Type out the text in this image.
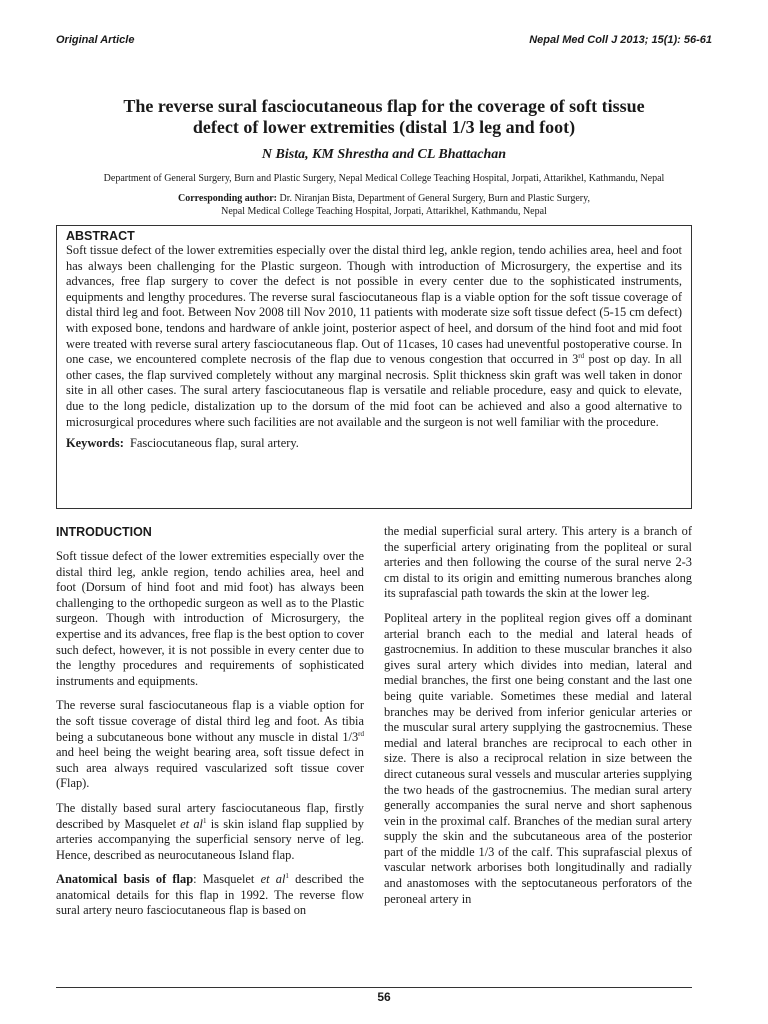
Original Article	Nepal Med Coll J 2013; 15(1): 56-61
The reverse sural fasciocutaneous flap for the coverage of soft tissue
defect of lower extremities (distal 1/3 leg and foot)
N Bista, KM Shrestha and CL Bhattachan
Department of General Surgery, Burn and Plastic Surgery, Nepal Medical College Teaching Hospital, Jorpati, Attarikhel, Kathmandu, Nepal
Corresponding author: Dr. Niranjan Bista, Department of General Surgery, Burn and Plastic Surgery,
Nepal Medical College Teaching Hospital, Jorpati, Attarikhel, Kathmandu, Nepal
ABSTRACT

Soft tissue defect of the lower extremities especially over the distal third leg, ankle region, tendo achilies area, heel and foot has always been challenging for the Plastic surgeon. Though with introduction of Microsurgery, the expertise and its advances, free flap surgery to cover the defect is not possible in every center due to the sophisticated instruments, equipments and lengthy procedures. The reverse sural fasciocutaneous flap is a viable option for the soft tissue coverage of distal third leg and foot. Between Nov 2008 till Nov 2010, 11 patients with moderate size soft tissue defect (5-15 cm defect) with exposed bone, tendons and hardware of ankle joint, posterior aspect of heel, and dorsum of the hind foot and mid foot were treated with reverse sural artery fasciocutaneous flap. Out of 11cases, 10 cases had uneventful postoperative course. In one case, we encountered complete necrosis of the flap due to venous congestion that occurred in 3rd post op day. In all other cases, the flap survived completely without any marginal necrosis. Split thickness skin graft was well taken in donor site in all other cases. The sural artery fasciocutaneous flap is versatile and reliable procedure, easy and quick to elevate, due to the long pedicle, distalization up to the dorsum of the mid foot can be achieved and also a good alternative to microsurgical procedures where such facilities are not available and the surgeon is not well familiar with the procedure.

Keywords: Fasciocutaneous flap, sural artery.

INTRODUCTION

Soft tissue defect of the lower extremities especially over the distal third leg, ankle region, tendo achilies area, heel and foot (Dorsum of hind foot and mid foot) has always been challenging to the orthopedic surgeon as well as to the Plastic surgeon. Though with introduction of Microsurgery, the expertise and its advances, free flap is the best option to cover such defect, however, it is not possible in every center due to the lengthy procedures and requirements of sophisticated instruments and equipments.

The reverse sural fasciocutaneous flap is a viable option for the soft tissue coverage of distal third leg and foot. As tibia being a subcutaneous bone without any muscle in distal 1/3rd and heel being the weight bearing area, soft tissue defect in such area always required vascularized soft tissue cover (Flap).

The distally based sural artery fasciocutaneous flap, firstly described by Masquelet et $al^1$ is skin island flap supplied by arteries accompanying the superficial sensory nerve of leg. Hence, described as neurocutaneous Island flap.

Anatomical basis of flap: Masquelet et $al^1$ described the anatomical details for this flap in 1992. The reverse flow sural artery neuro fasciocutaneous flap is based on

the medial superficial sural artery. This artery is a branch of the superficial artery originating from the popliteal or sural arteries and then following the course of the sural nerve 2-3 cm distal to its origin and emitting numerous branches along its suprafascial path towards the skin at the lower leg.

Popliteal artery in the popliteal region gives off a dominant arterial branch each to the medial and lateral heads of gastrocnemius. In addition to these muscular branches it also gives sural artery which divides into median, lateral and medial branches, the first one being constant and the last one being quite variable. Sometimes these medial and lateral branches may be derived from inferior genicular arteries or the muscular sural artery supplying the gastrocnemius. These medial and lateral branches are reciprocal to each other in size. There is also a reciprocal relation in size between the direct cutaneous sural vessels and muscular arteries supplying the two heads of the gastrocnemius. The median sural artery generally accompanies the sural nerve and short saphenous vein in the proximal calf. Branches of the median sural artery supply the skin and the subcutaneous area of the posterior part of the middle 1/3 of the calf. This suprafascial plexus of vascular network arborises both longitudinally and radially and anastomoses with the septocutaneous perforators of the peroneal artery in

56
